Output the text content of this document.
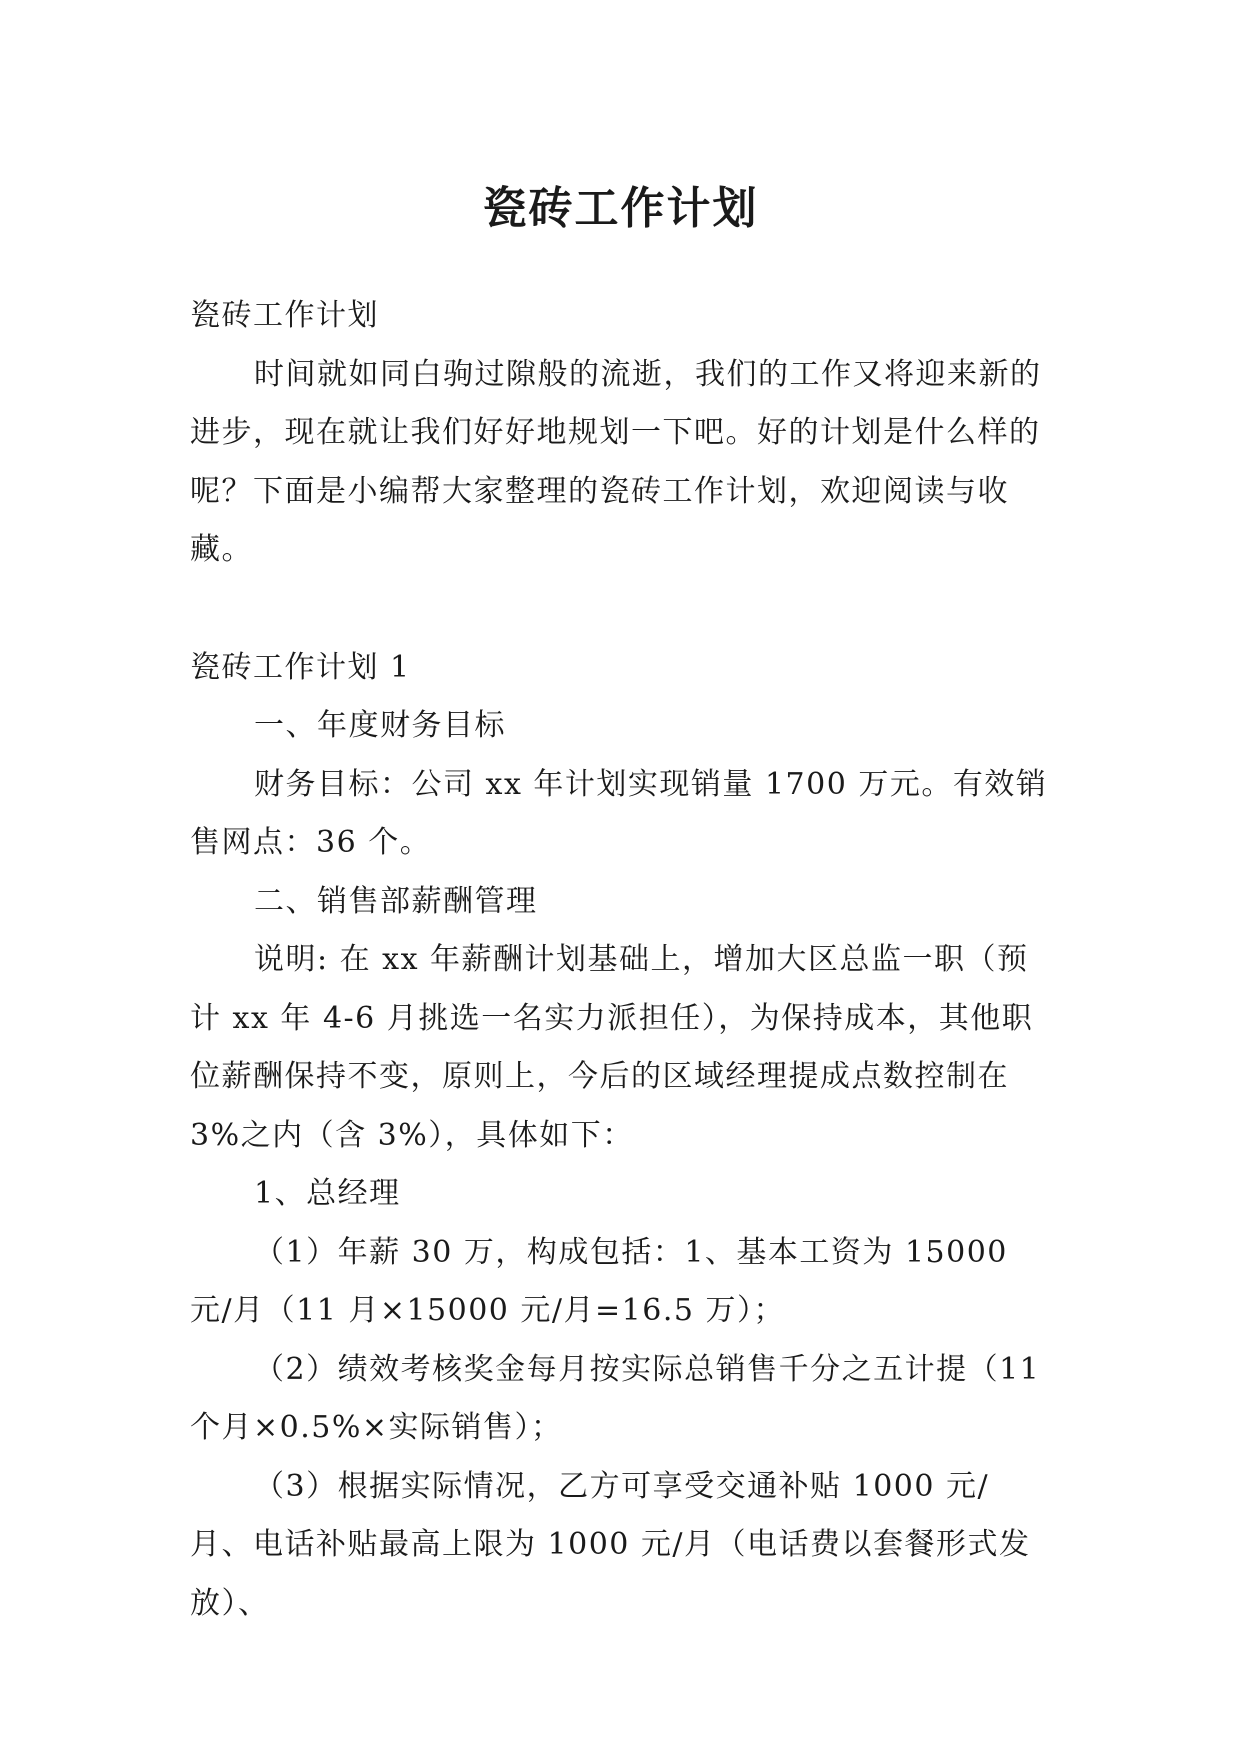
瓷砖工作计划

瓷砖工作计划

时间就如同白驹过隙般的流逝，我们的工作又将迎来新的进步，现在就让我们好好地规划一下吧。好的计划是什么样的呢？下面是小编帮大家整理的瓷砖工作计划，欢迎阅读与收藏。

瓷砖工作计划 1

一、年度财务目标

财务目标：公司 xx 年计划实现销量 1700 万元。有效销售网点：36 个。

二、销售部薪酬管理

说明: 在 xx 年薪酬计划基础上，增加大区总监一职（预计 xx 年 4-6 月挑选一名实力派担任），为保持成本，其他职位薪酬保持不变，原则上，今后的区域经理提成点数控制在 3%之内（含 3%），具体如下：

1、总经理

（1）年薪 30 万，构成包括：1、基本工资为 15000 元/月（11 月×15000 元/月=16.5 万）；

（2）绩效考核奖金每月按实际总销售千分之五计提（11 个月×0.5%×实际销售）；

（3）根据实际情况，乙方可享受交通补贴 1000 元/月、电话补贴最高上限为 1000 元/月（电话费以套餐形式发放）、
